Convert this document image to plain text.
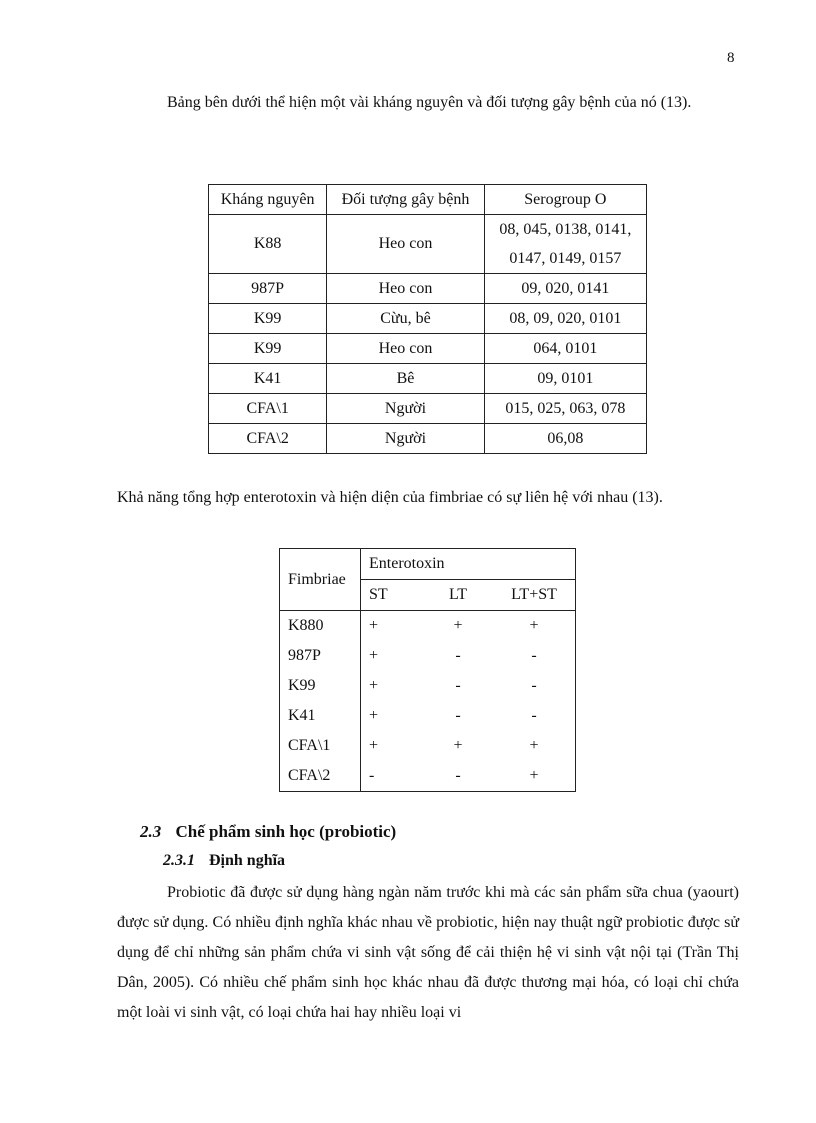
8
Bảng bên dưới thể hiện một vài kháng nguyên và đối tượng gây bệnh của nó (13).
Kháng nguyên	Đối tượng gây bệnh	Serogroup O
K88	Heo con	08, 045, 0138, 0141,
0147, 0149, 0157

987P	Heo con	09, 020, 0141
K99	Cừu, bê	08, 09, 020, 0101
K99	Heo con	064, 0101
K41	Bê	09, 0101
CFA\1	Người	015, 025, 063, 078
CFA\2	Người	06,08
Khả năng tổng hợp enterotoxin và hiện diện của fimbriae có sự liên hệ với nhau (13).
Fimbriae	Enterotoxin		
	ST	LT	LT+ST
K880	+	+	+
987P	+	-	-
K99	+	-	-
K41	+	-	-
CFA\1	+	+	+
CFA\2	-	-	+
2.3 Chế phẩm sinh học (probiotic)
2.3.1 Định nghĩa
Probiotic đã được sử dụng hàng ngàn năm trước khi mà các sản phẩm sữa chua (yaourt) được sử dụng. Có nhiều định nghĩa khác nhau về probiotic, hiện nay thuật ngữ probiotic được sử dụng để chỉ những sản phẩm chứa vi sinh vật sống để cải thiện hệ vi sinh vật nội tại (Trần Thị Dân, 2005). Có nhiều chế phẩm sinh học khác nhau đã được thương mại hóa, có loại chỉ chứa một loài vi sinh vật, có loại chứa hai hay nhiều loại vi
